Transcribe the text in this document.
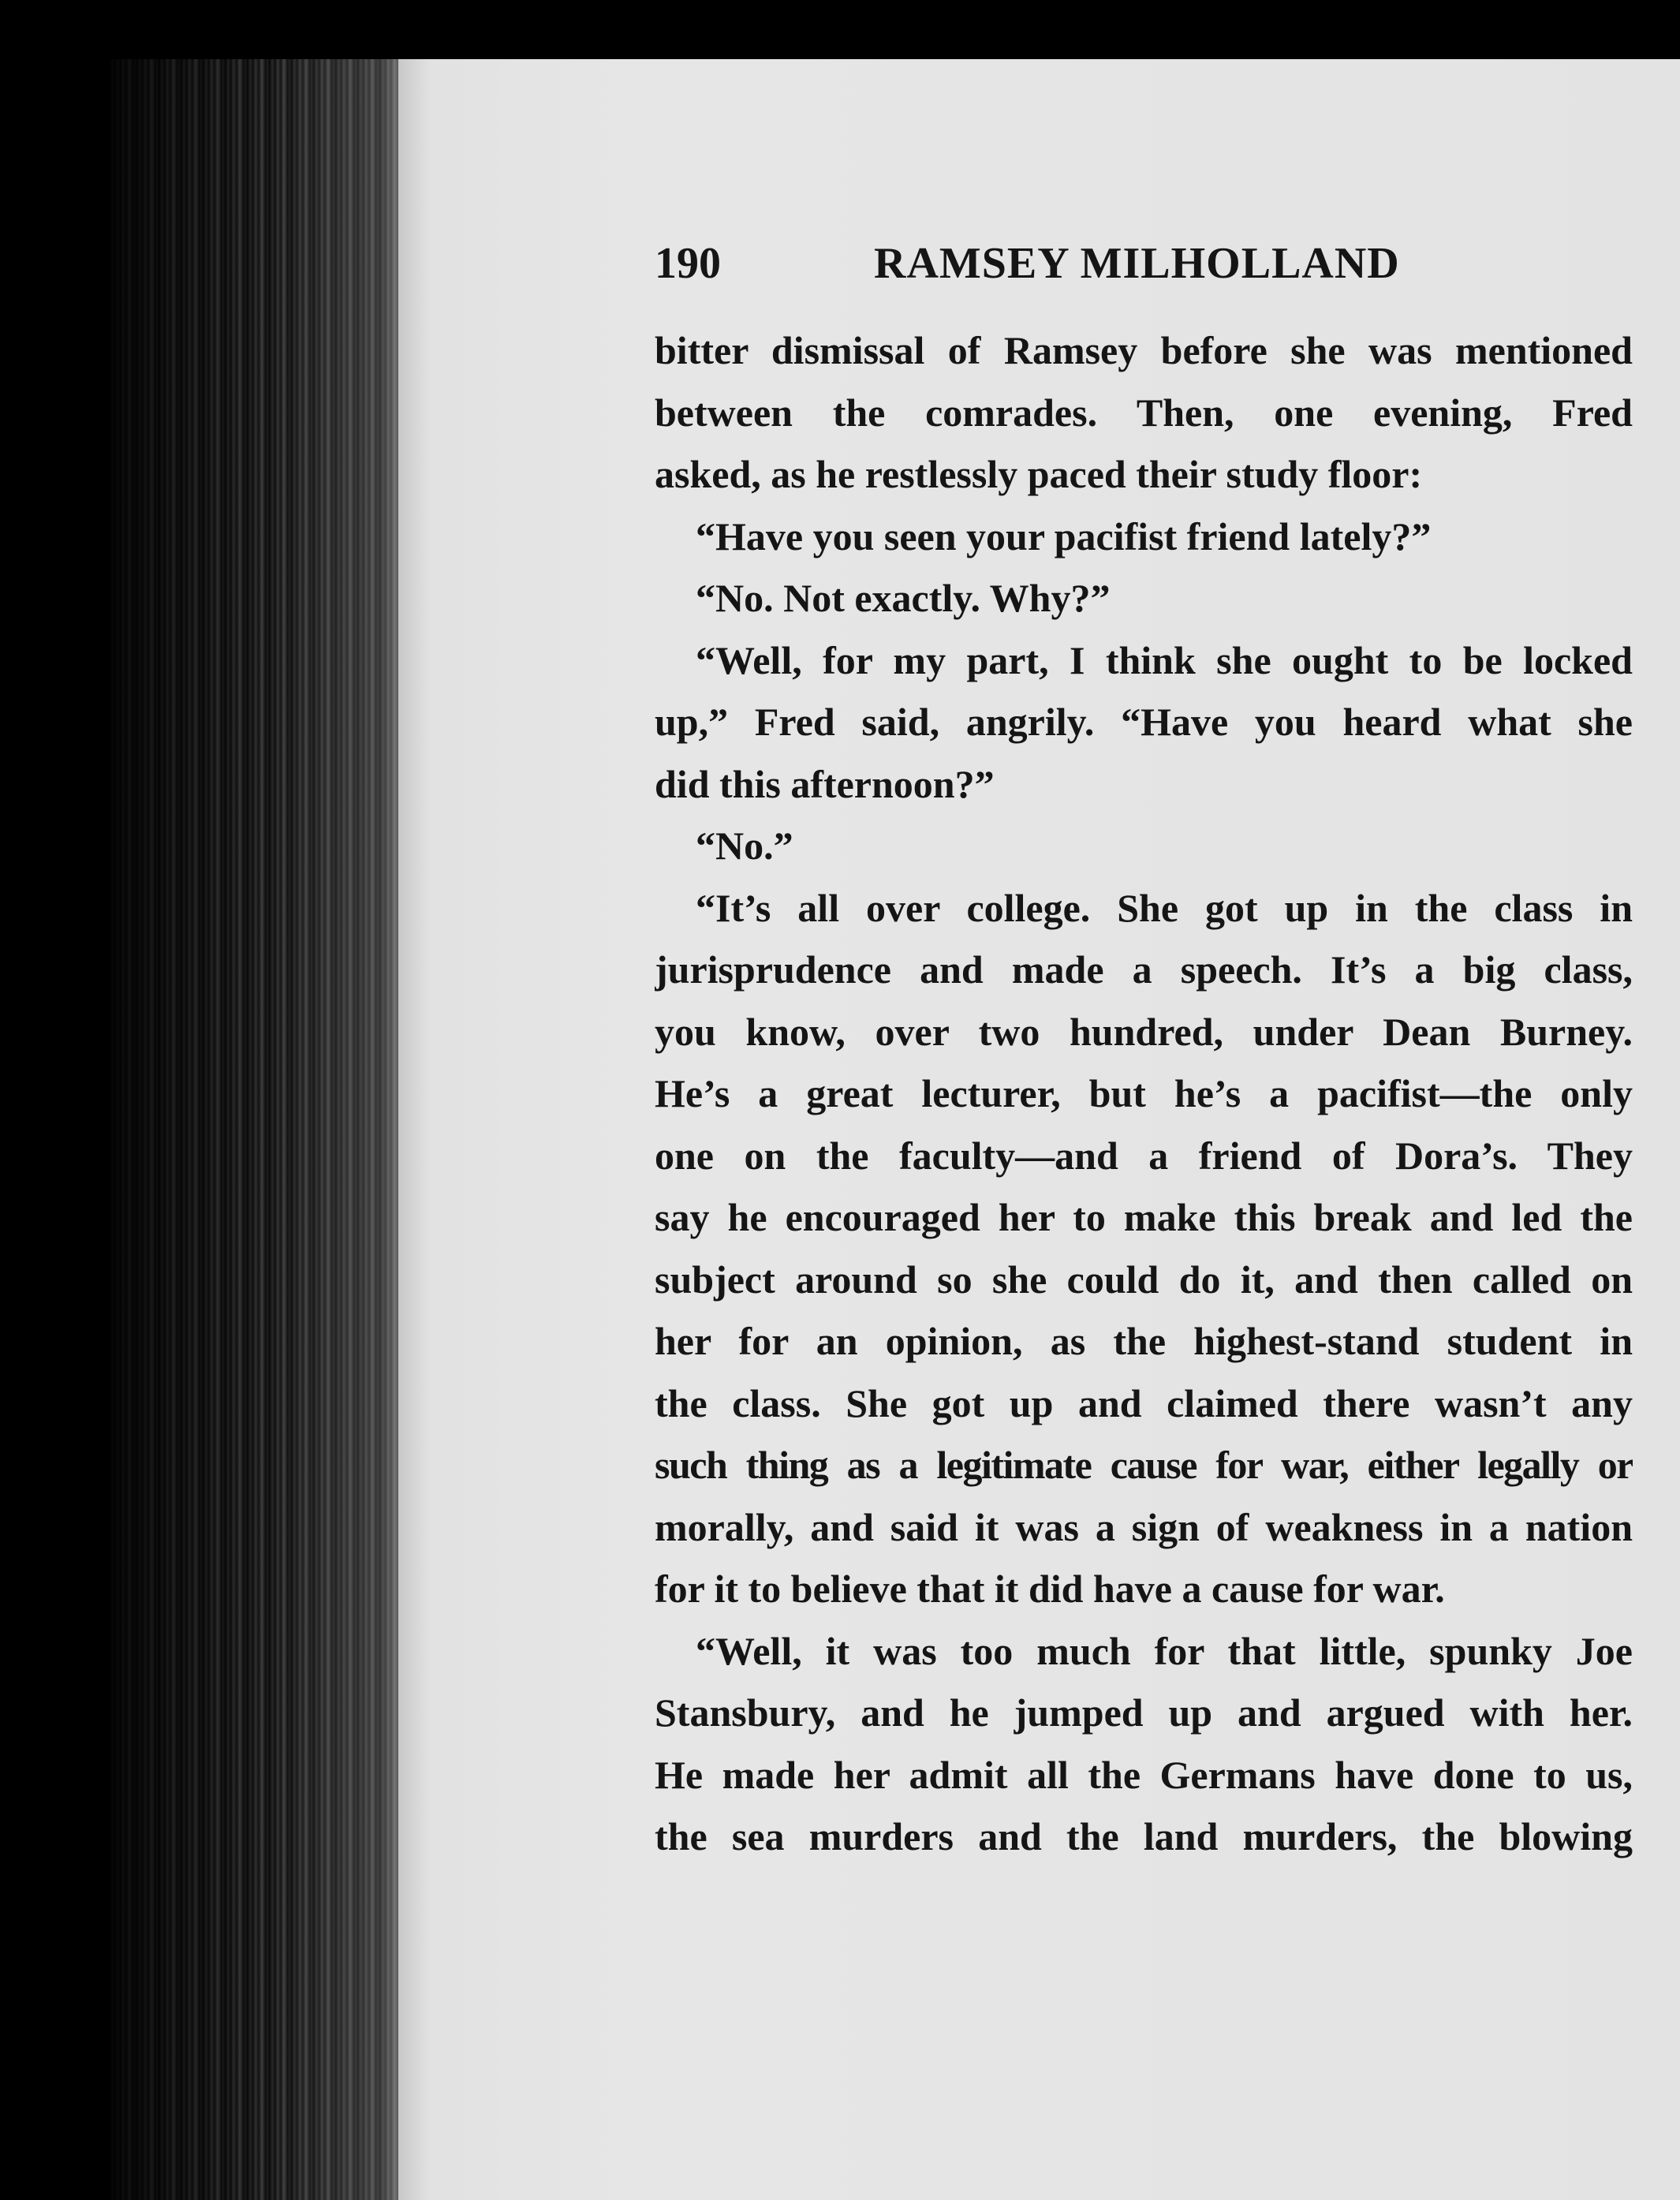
190	RAMSEY MILHOLLAND
bitter dismissal of Ramsey before she was mentioned
between the comrades. Then, one evening, Fred
asked, as he restlessly paced their study floor:
“Have you seen your pacifist friend lately?”
“No. Not exactly. Why?”
“Well, for my part, I think she ought to be locked
up,” Fred said, angrily. “Have you heard what she
did this afternoon?”
“No.”
“It’s all over college. She got up in the class in
jurisprudence and made a speech. It’s a big class,
you know, over two hundred, under Dean Burney.
He’s a great lecturer, but he’s a pacifist—the only
one on the faculty—and a friend of Dora’s. They
say he encouraged her to make this break and led the
subject around so she could do it, and then called on
her for an opinion, as the highest-stand student in
the class. She got up and claimed there wasn’t any
such thing as a legitimate cause for war, either legally or
morally, and said it was a sign of weakness in a nation
for it to believe that it did have a cause for war.
“Well, it was too much for that little, spunky Joe
Stansbury, and he jumped up and argued with her.
He made her admit all the Germans have done to us,
the sea murders and the land murders, the blowing
